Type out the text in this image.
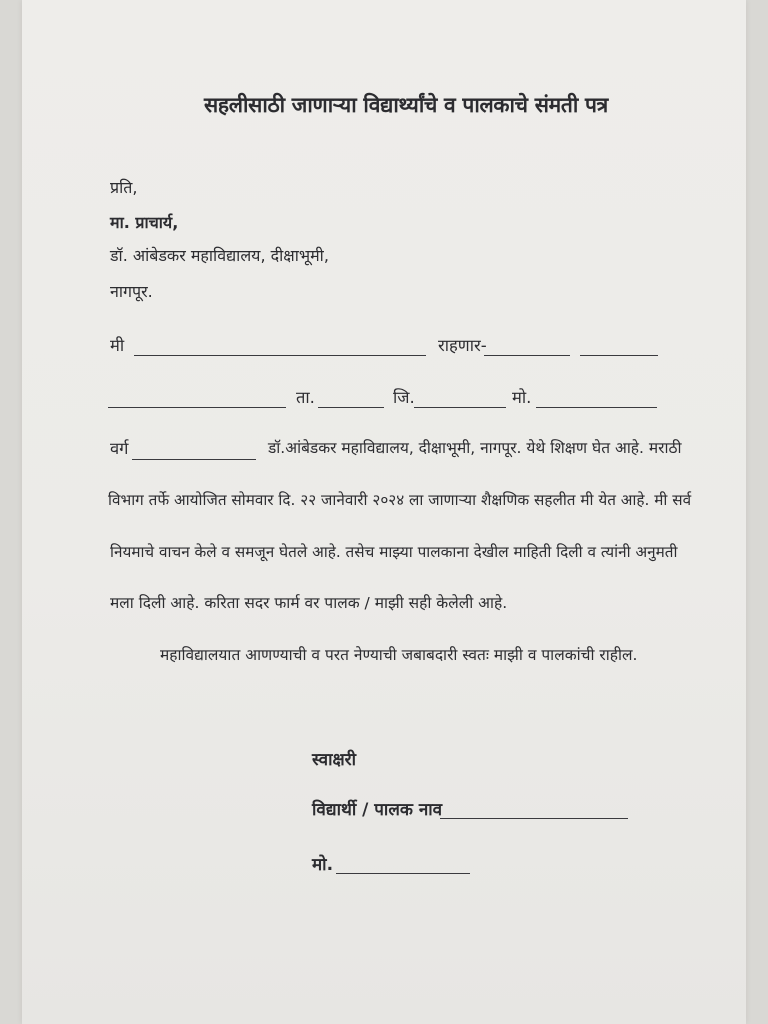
सहलीसाठी जाणाऱ्या विद्यार्थ्यांचे व पालकाचे संमती पत्र
प्रति,
मा. प्राचार्य,
डॉ. आंबेडकर महाविद्यालय, दीक्षाभूमी,
नागपूर.
मी	राहणार-
ता.	जि.	मो.
वर्ग	डॉ.आंबेडकर महाविद्यालय, दीक्षाभूमी, नागपूर. येथे शिक्षण घेत आहे. मराठी
विभाग तर्फे आयोजित सोमवार दि. २२ जानेवारी २०२४ ला जाणाऱ्या शैक्षणिक सहलीत मी येत आहे. मी सर्व
नियमाचे वाचन केले व समजून घेतले आहे. तसेच माझ्या पालकाना देखील माहिती दिली व त्यांनी अनुमती
मला दिली आहे. करिता सदर फार्म वर पालक / माझी सही केलेली आहे.
महाविद्यालयात आणण्याची व परत नेण्याची जबाबदारी स्वतः माझी व पालकांची राहील.
स्वाक्षरी
विद्यार्थी / पालक नाव
मो.
